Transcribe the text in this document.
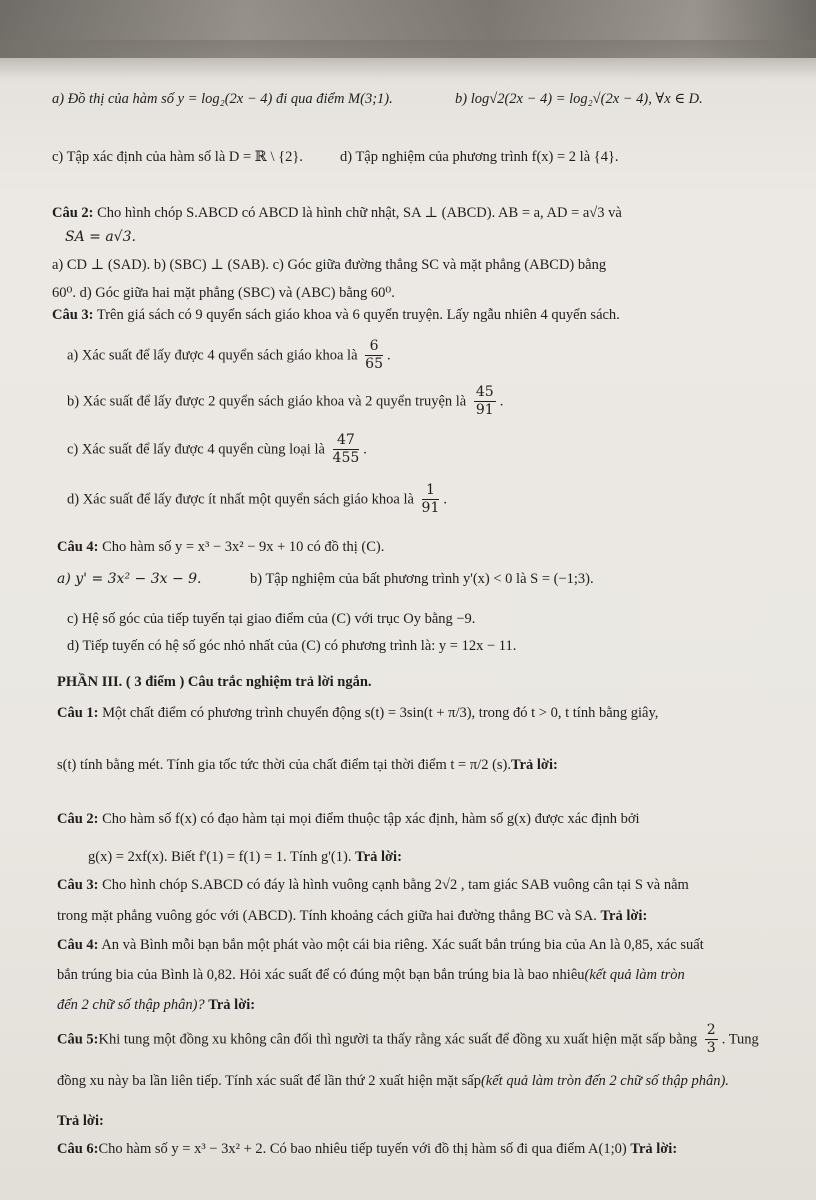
a) Đồ thị của hàm số y = log₂(2x − 4) đi qua điểm M(3;1).	b) log√2(2x − 4) = log₂√(2x − 4), ∀x ∈ D.
c) Tập xác định của hàm số là D = ℝ \ {2}.	d) Tập nghiệm của phương trình f(x) = 2 là {4}.
Câu 2: Cho hình chóp S.ABCD có ABCD là hình chữ nhật, SA ⊥ (ABCD). AB = a, AD = a√3 và
SA = a√3.
a) CD ⊥ (SAD). b) (SBC) ⊥ (SAB). c) Góc giữa đường thẳng SC và mặt phẳng (ABCD) bằng
60⁰. d) Góc giữa hai mặt phẳng (SBC) và (ABC) bằng 60⁰.
Câu 3: Trên giá sách có 9 quyển sách giáo khoa và 6 quyển truyện. Lấy ngẫu nhiên 4 quyển sách.
a) Xác suất để lấy được 4 quyển sách giáo khoa là $\frac{6}{65}$ .
b) Xác suất để lấy được 2 quyển sách giáo khoa và 2 quyển truyện là $\frac{45}{91}$ .
c) Xác suất để lấy được 4 quyển cùng loại là $\frac{47}{455}$ .
d) Xác suất để lấy được ít nhất một quyển sách giáo khoa là $\frac{1}{91}$ .
Câu 4: Cho hàm số y = x³ − 3x² − 9x + 10 có đồ thị (C).
a) y' = 3x² − 3x − 9.	b) Tập nghiệm của bất phương trình y'(x) < 0 là S = (−1;3).
c) Hệ số góc của tiếp tuyến tại giao điểm của (C) với trục Oy bằng −9.
d) Tiếp tuyến có hệ số góc nhỏ nhất của (C) có phương trình là: y = 12x − 11.
PHẦN III. ( 3 điểm ) Câu trắc nghiệm trả lời ngắn.
Câu 1: Một chất điểm có phương trình chuyển động s(t) = 3sin(t + π/3), trong đó t > 0, t tính bằng giây,
s(t) tính bằng mét. Tính gia tốc tức thời của chất điểm tại thời điểm t = π/2 (s).Trả lời:
Câu 2: Cho hàm số f(x) có đạo hàm tại mọi điểm thuộc tập xác định, hàm số g(x) được xác định bởi
g(x) = 2xf(x). Biết f'(1) = f(1) = 1. Tính g'(1). Trả lời:
Câu 3: Cho hình chóp S.ABCD có đáy là hình vuông cạnh bằng 2√2 , tam giác SAB vuông cân tại S và nằm
trong mặt phẳng vuông góc với (ABCD). Tính khoảng cách giữa hai đường thẳng BC và SA. Trả lời:
Câu 4: An và Bình mỗi bạn bắn một phát vào một cái bia riêng. Xác suất bắn trúng bia của An là 0,85, xác suất
bắn trúng bia của Bình là 0,82. Hỏi xác suất để có đúng một bạn bắn trúng bia là bao nhiêu(kết quả làm tròn
đến 2 chữ số thập phân)? Trả lời:
Câu 5:Khi tung một đồng xu không cân đối thì người ta thấy rằng xác suất để đồng xu xuất hiện mặt sấp bằng $\frac{2}{3}$ . Tung
đồng xu này ba lần liên tiếp. Tính xác suất để lần thứ 2 xuất hiện mặt sấp(kết quả làm tròn đến 2 chữ số thập phân).
Trả lời:
Câu 6:Cho hàm số y = x³ − 3x² + 2. Có bao nhiêu tiếp tuyến với đồ thị hàm số đi qua điểm A(1;0) Trả lời:
